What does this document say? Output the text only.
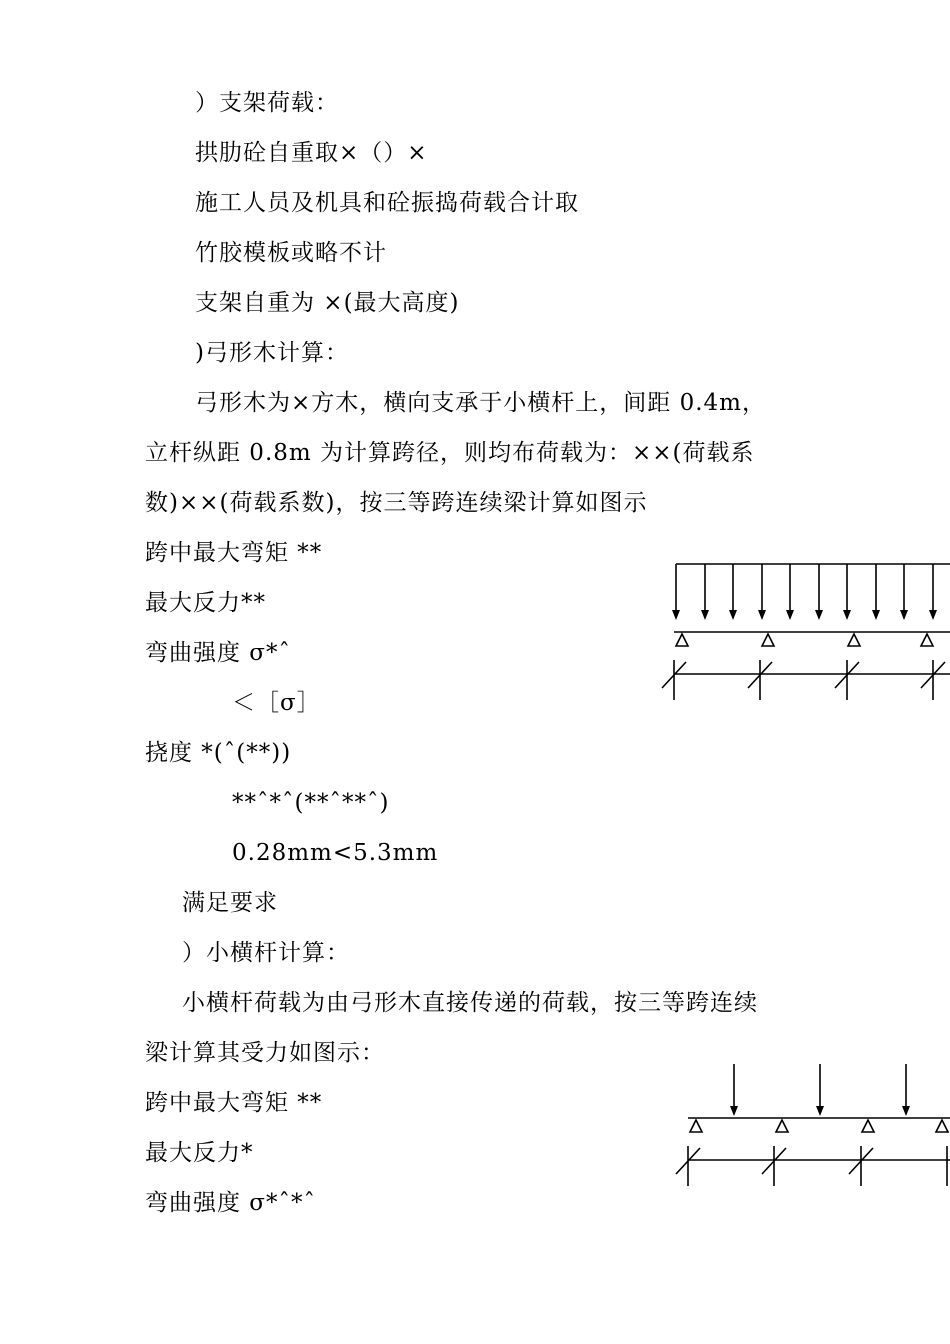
）支架荷载：
拱肋砼自重取×（）×
施工人员及机具和砼振捣荷载合计取
竹胶模板或略不计
支架自重为 ×(最大高度)
)弓形木计算：
弓形木为×方木，横向支承于小横杆上，间距 0.4m，
立杆纵距 0.8m 为计算跨径，则均布荷载为：××(荷载系
数)××(荷载系数)，按三等跨连续梁计算如图示
跨中最大弯矩 **
最大反力**
弯曲强度 σ*ˆ
＜［σ］
挠度 *(ˆ(**))
**ˆ*ˆ(**ˆ**ˆ)
0.28mm<5.3mm
满足要求
）小横杆计算：
小横杆荷载为由弓形木直接传递的荷载，按三等跨连续
梁计算其受力如图示：
跨中最大弯矩 **
最大反力*
弯曲强度 σ*ˆ*ˆ
